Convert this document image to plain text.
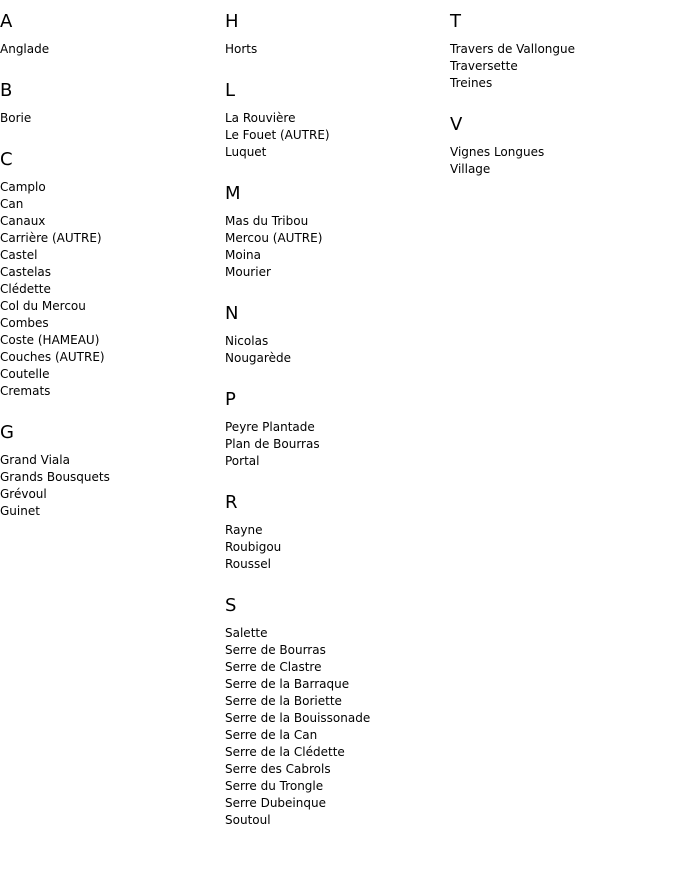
A
Anglade
B
Borie
C
Camplo
Can
Canaux
Carrière (AUTRE)
Castel
Castelas
Clédette
Col du Mercou
Combes
Coste (HAMEAU)
Couches (AUTRE)
Coutelle
Cremats
G
Grand Viala
Grands Bousquets
Grévoul
Guinet
H
Horts
L
La Rouvière
Le Fouet (AUTRE)
Luquet
M
Mas du Tribou
Mercou (AUTRE)
Moina
Mourier
N
Nicolas
Nougarède
P
Peyre Plantade
Plan de Bourras
Portal
R
Rayne
Roubigou
Roussel
S
Salette
Serre de Bourras
Serre de Clastre
Serre de la Barraque
Serre de la Boriette
Serre de la Bouissonade
Serre de la Can
Serre de la Clédette
Serre des Cabrols
Serre du Trongle
Serre Dubeinque
Soutoul
T
Travers de Vallongue
Traversette
Treines
V
Vignes Longues
Village
